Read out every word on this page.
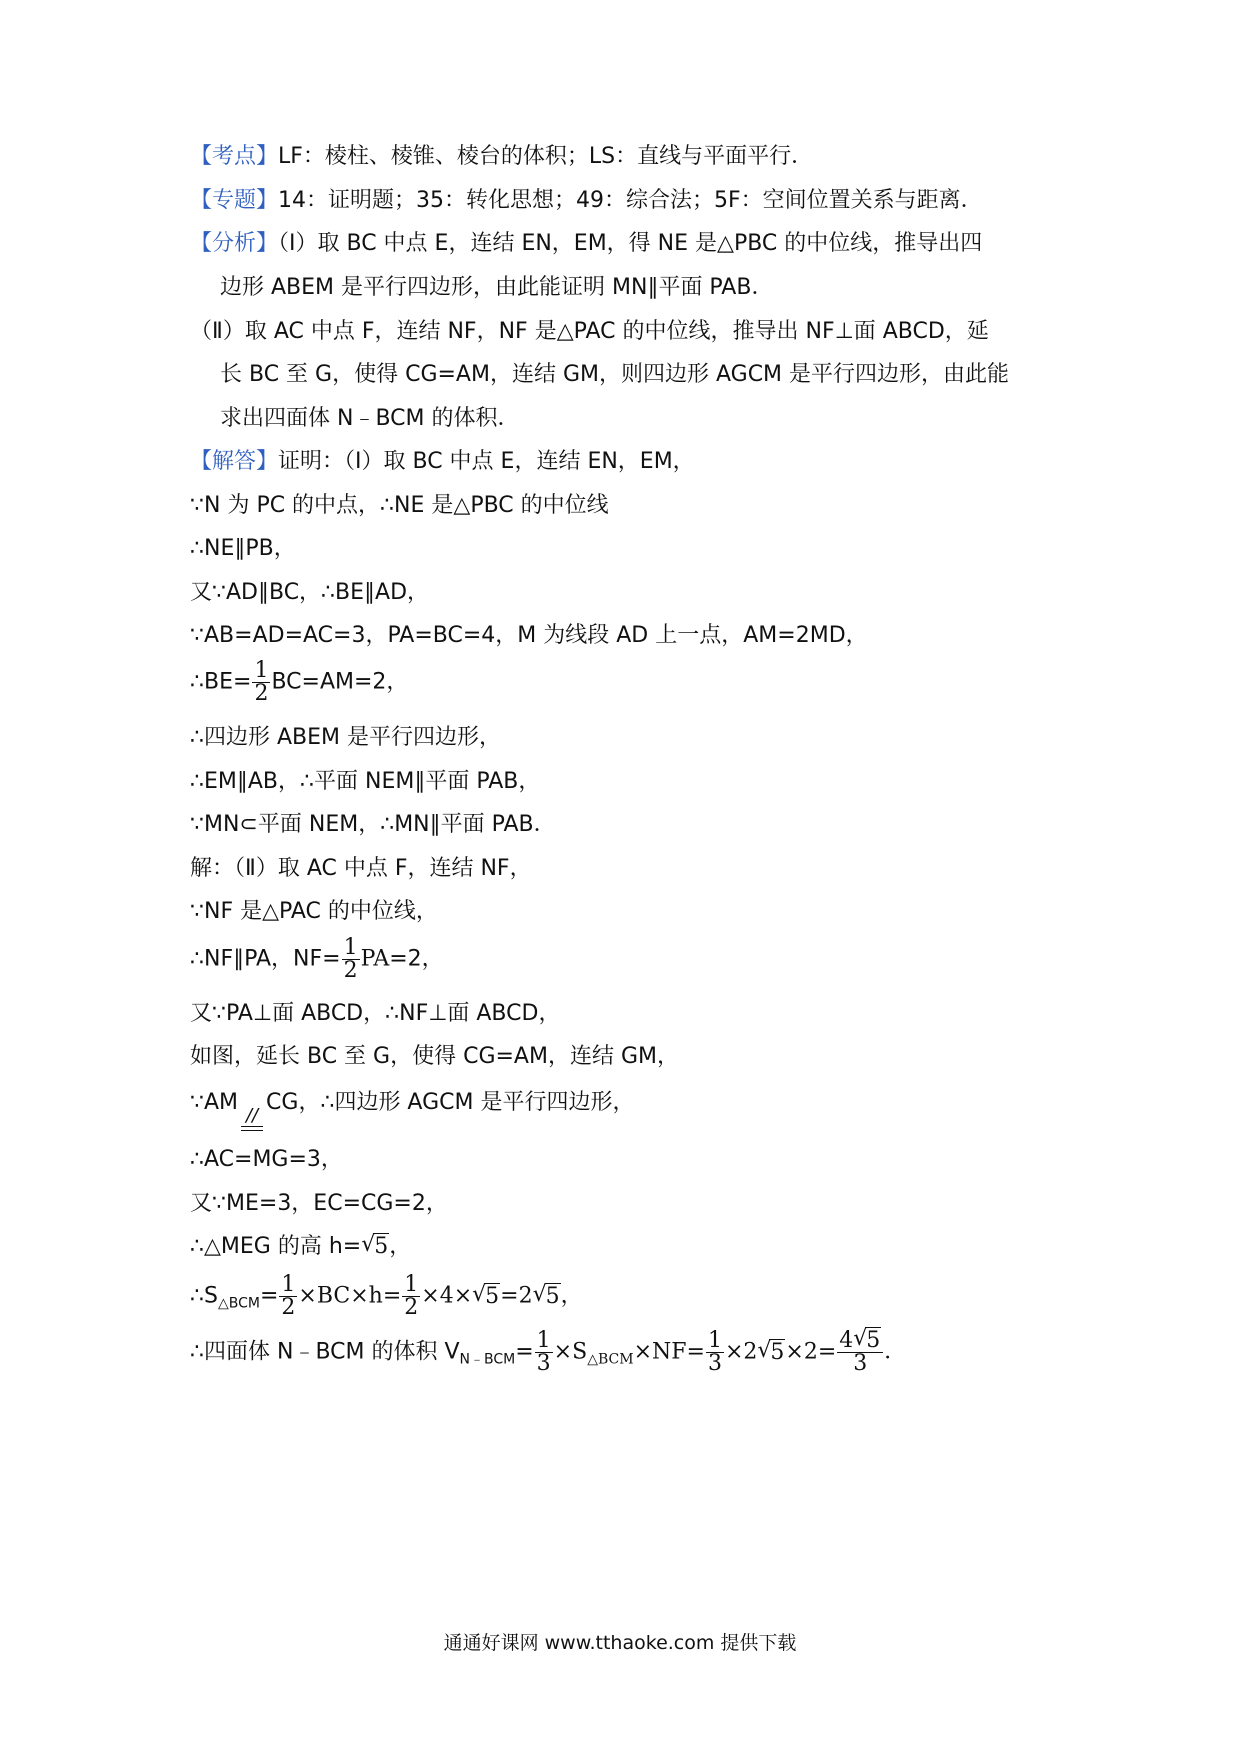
【考点】LF：棱柱、棱锥、棱台的体积；LS：直线与平面平行．
【专题】14：证明题；35：转化思想；49：综合法；5F：空间位置关系与距离．
【分析】（Ⅰ）取 BC 中点 E，连结 EN，EM，得 NE 是△PBC 的中位线，推导出四
边形 ABEM 是平行四边形，由此能证明 MN∥平面 PAB．
（Ⅱ）取 AC 中点 F，连结 NF，NF 是△PAC 的中位线，推导出 NF⊥面 ABCD，延
长 BC 至 G，使得 CG=AM，连结 GM，则四边形 AGCM 是平行四边形，由此能
求出四面体 N﹣BCM 的体积．
【解答】证明：（Ⅰ）取 BC 中点 E，连结 EN，EM，
∵N 为 PC 的中点，∴NE 是△PBC 的中位线
∴NE∥PB，
又∵AD∥BC，∴BE∥AD，
∵AB=AD=AC=3，PA=BC=4，M 为线段 AD 上一点，AM=2MD，
∴BE= $\frac{1}{2} BC=AM=2$，
∴四边形 ABEM 是平行四边形，
∴EM∥AB，∴平面 NEM∥平面 PAB，
∵MN⊂平面 NEM，∴MN∥平面 PAB．
解：（Ⅱ）取 AC 中点 F，连结 NF，
∵NF 是△PAC 的中位线，
∴NF∥PA，$NF= \frac{1}{2} PA=2$，
又∵PA⊥面 ABCD，∴NF⊥面 ABCD，
如图，延长 BC 至 G，使得 CG=AM，连结 GM，
∵AM
//
CG，∴四边形 AGCM 是平行四边形，
∴AC=MG=3，
又∵ME=3，EC=CG=2，
∴△MEG 的高 h=√ 5，
$\therefore S_{\triangle BCM}= \frac{1}{2} \times BC\times h= \frac{1}{2} \times 4\times√$ 5=2√ 5，
∴四面体 N﹣BCM 的体积 $V_{N﹣BCM}= \frac{1}{3} \times S_{\triangle BCM}\times NF= \frac{1}{3} \times 2√$ $5\times 2= \frac{4√ 5}{3}$ ．
通通好课网 www.tthaoke.com 提供下载
